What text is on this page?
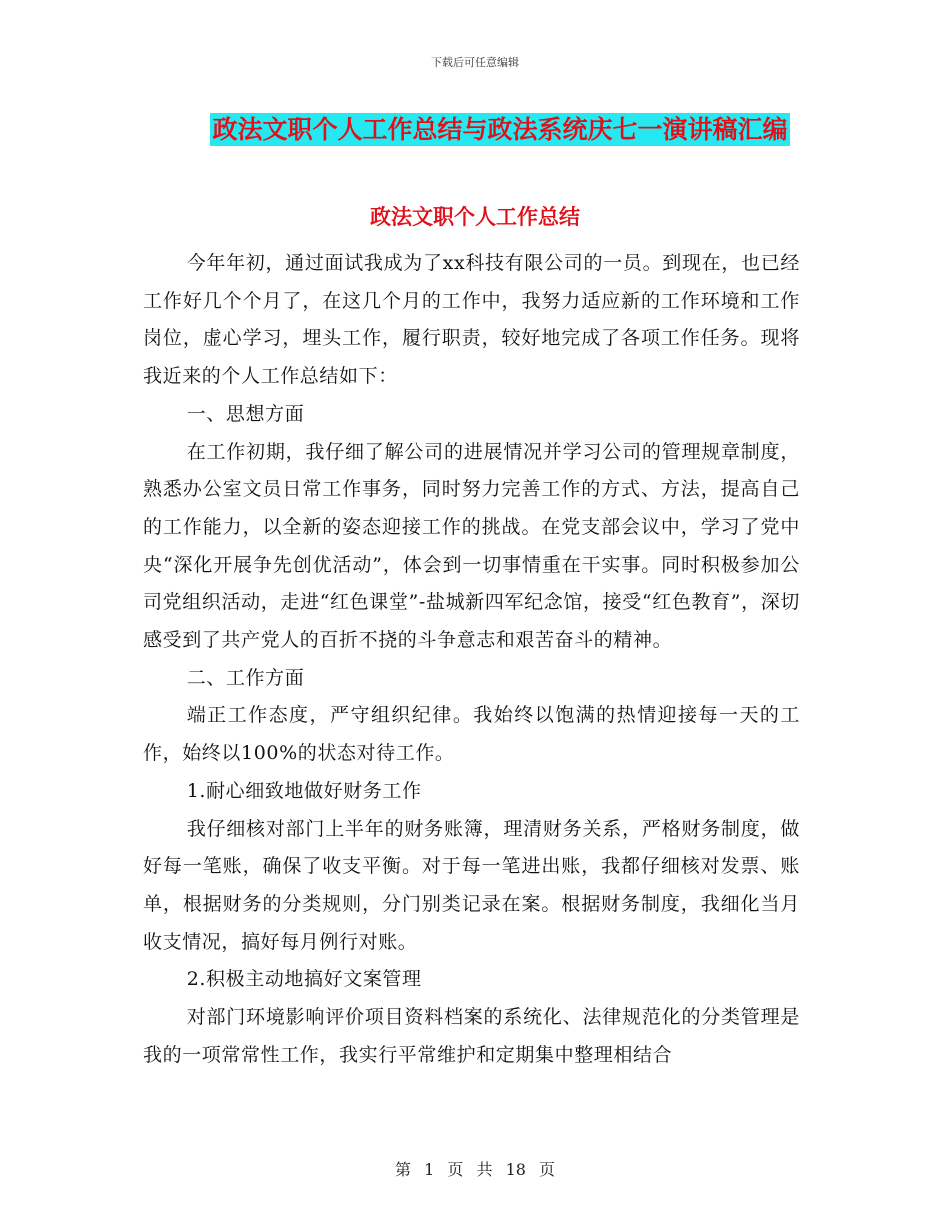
下载后可任意编辑
政法文职个人工作总结与政法系统庆七一演讲稿汇编
政法文职个人工作总结

今年年初，通过面试我成为了xx科技有限公司的一员。到现在，也已经工作好几个个月了，在这几个月的工作中，我努力适应新的工作环境和工作岗位，虚心学习，埋头工作，履行职责，较好地完成了各项工作任务。现将我近来的个人工作总结如下：

一、思想方面

在工作初期，我仔细了解公司的进展情况并学习公司的管理规章制度，熟悉办公室文员日常工作事务，同时努力完善工作的方式、方法，提高自己的工作能力，以全新的姿态迎接工作的挑战。在党支部会议中，学习了党中央“深化开展争先创优活动”，体会到一切事情重在干实事。同时积极参加公司党组织活动，走进“红色课堂”-盐城新四军纪念馆，接受“红色教育”，深切感受到了共产党人的百折不挠的斗争意志和艰苦奋斗的精神。

二、工作方面

端正工作态度，严守组织纪律。我始终以饱满的热情迎接每一天的工作，始终以100%的状态对待工作。

1.耐心细致地做好财务工作

我仔细核对部门上半年的财务账簿，理清财务关系，严格财务制度，做好每一笔账，确保了收支平衡。对于每一笔进出账，我都仔细核对发票、账单，根据财务的分类规则，分门别类记录在案。根据财务制度，我细化当月收支情况，搞好每月例行对账。

2.积极主动地搞好文案管理

对部门环境影响评价项目资料档案的系统化、法律规范化的分类管理是我的一项常常性工作，我实行平常维护和定期集中整理相结合

第 1 页 共 18 页
